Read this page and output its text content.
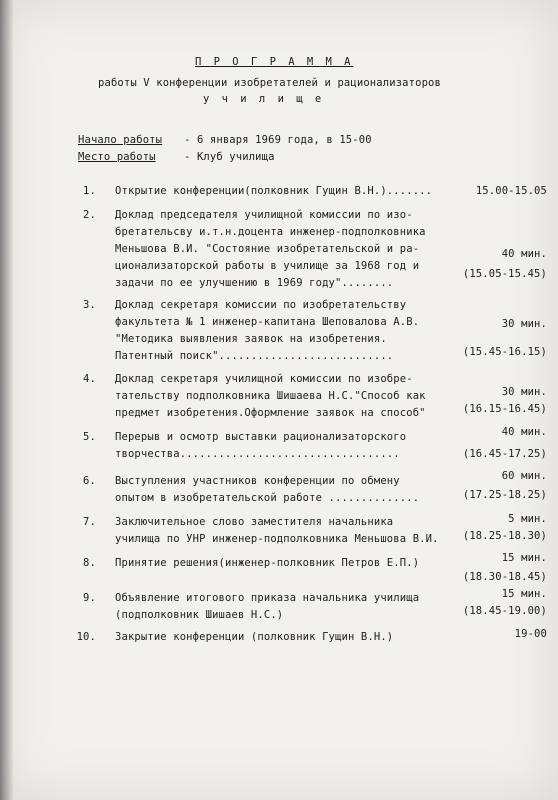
П Р О Г Р А М М А
работы V конференции изобретателей и рационализаторов
у ч и л и щ е
Начало работы - 6 января 1969 года, в 15-00
Место работы	- Клуб училища
1. Открытие конференции(полковник Гущин В.Н.).......	15.00-15.05
2. Доклад председателя училищной комиссии по изо-
бретательсву и.т.н.доцента инженер-подполковника
Меньшова В.И. "Состояние изобретательской и ра-
ционализаторской работы в училище за 1968 год и
задачи по ее улучшению в 1969 году"........
40 мин.
(15.05-15.45)
3. Доклад секретаря комиссии по изобретательству
факультета № 1 инженер-капитана Шеповалова А.В.
"Методика выявления заявок на изобретения.
Патентный поиск"...........................
30 мин.
(15.45-16.15)
4. Доклад секретаря училищной комиссии по изобре-
тательству подполковника Шишаева Н.С."Способ как
предмет изобретения.Оформление заявок на способ"
30 мин.
(16.15-16.45)
5. Перерыв и осмотр выставки рационализаторского
творчества..................................
40 мин.
(16.45-17.25)
6. Выступления участников конференции по обмену
опытом в изобретательской работе ..............
60 мин.
(17.25-18.25)
7. Заключительное слово заместителя начальника
училища по УНР инженер-подполковника Меньшова В.И.
5 мин.
(18.25-18.30)
8. Принятие решения(инженер-полковник Петров Е.П.)	15 мин.
(18.30-18.45)
9. Объявление итогового приказа начальника училища
(подполковник Шишаев Н.С.)
15 мин.
(18.45-19.00)
10. Закрытие конференции (полковник Гущин В.Н.)	19-00
